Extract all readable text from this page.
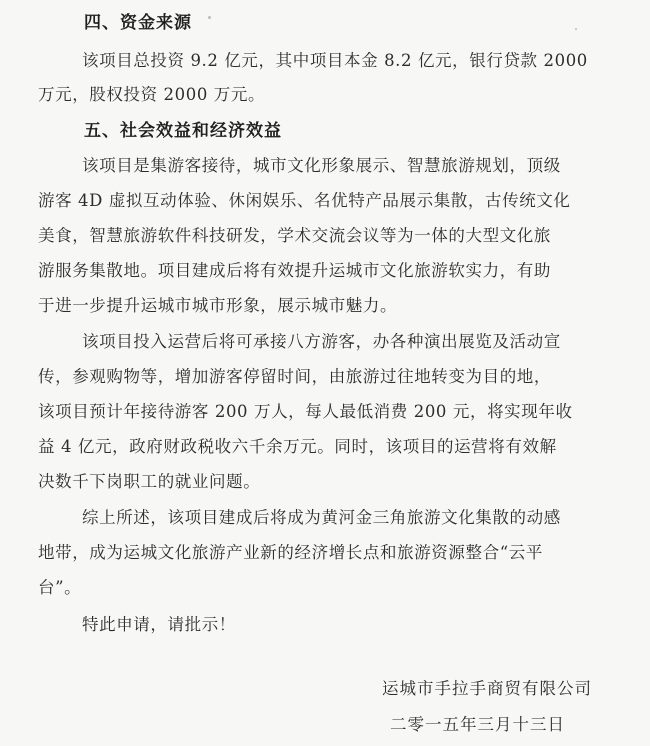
四、资金来源
该项目总投资 9.2 亿元，其中项目本金 8.2 亿元，银行贷款 2000
万元，股权投资 2000 万元。
五、社会效益和经济效益
该项目是集游客接待，城市文化形象展示、智慧旅游规划，顶级
游客 4D 虚拟互动体验、休闲娱乐、名优特产品展示集散，古传统文化
美食，智慧旅游软件科技研发，学术交流会议等为一体的大型文化旅
游服务集散地。项目建成后将有效提升运城市文化旅游软实力，有助
于进一步提升运城市城市形象，展示城市魅力。
该项目投入运营后将可承接八方游客，办各种演出展览及活动宣
传，参观购物等，增加游客停留时间，由旅游过往地转变为目的地，
该项目预计年接待游客 200 万人，每人最低消费 200 元，将实现年收
益 4 亿元，政府财政税收六千余万元。同时，该项目的运营将有效解
决数千下岗职工的就业问题。
综上所述，该项目建成后将成为黄河金三角旅游文化集散的动感
地带，成为运城文化旅游产业新的经济增长点和旅游资源整合“云平
台”。
特此申请，请批示！
运城市手拉手商贸有限公司
二零一五年三月十三日
